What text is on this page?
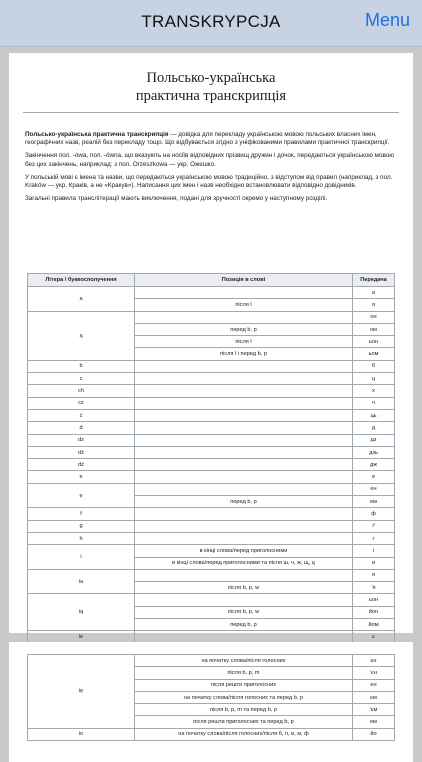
TRANSKRYPCJA	Menu
Польсько-українська
практична транскрипція
Польсько-українська практична транскрипція — довідка для перекладу українською мовою польських власних імен, географічних назв, реалій без перекладу тощо. Що відбувається згідно з уніфікованими правилами практичної транскрипції.
Закінчення пол. -owa, пол. -ówna, що вказують на носіїв відповідних прізвищ дружин і дочок, передаються українською мовою без цих закінчень, наприклад: з пол. Orzeszkowa — укр. Ожешко.
У польській мові є імена та назви, що передаються українською мовою традиційно, з відступом від правил (наприклад, з пол. Kraków — укр. Краків, а не «Кракув»). Написання цих імен і назв необхідно встановлювати відповідно довідників.
Загальні правила транслітерації мають виключення, подані для зручності окремо у наступному розділі.
Літера / буквосполучення	Позиція в слові	Передача
a		а
	після l	я
ą		он
	перед b, p	ом
	після l	ьон
	після l і перед b, p	ьом
b		б
c		ц
ch		х
cz		ч
ć		ць
d		д
dz		дз
dź		дзь
dż		дж
e		е
ę		ен
	перед b, p	ем
f		ф
g		ґ
h		г
i	в кінці слова/перед приголосними	і
	в кінці слова/перед приголосними та після ш, ч, ж, щ, ц	и
ia		я
	після b, p, w	'я
ią		ьон
	після b, p, w	йон
	перед b, p	йом
ie		є
ię	на початку слова/після голосних	єн
	після b, p, m	'єн
	після решти приголосних	ен
	на початку слова/після голосних та перед b, p	єм
	після b, p, m та перед b, p	'єм
	після решти приголосних та перед b, p	ем
io	на початку слова/після голосних/після б, п, в, м, ф	йо
